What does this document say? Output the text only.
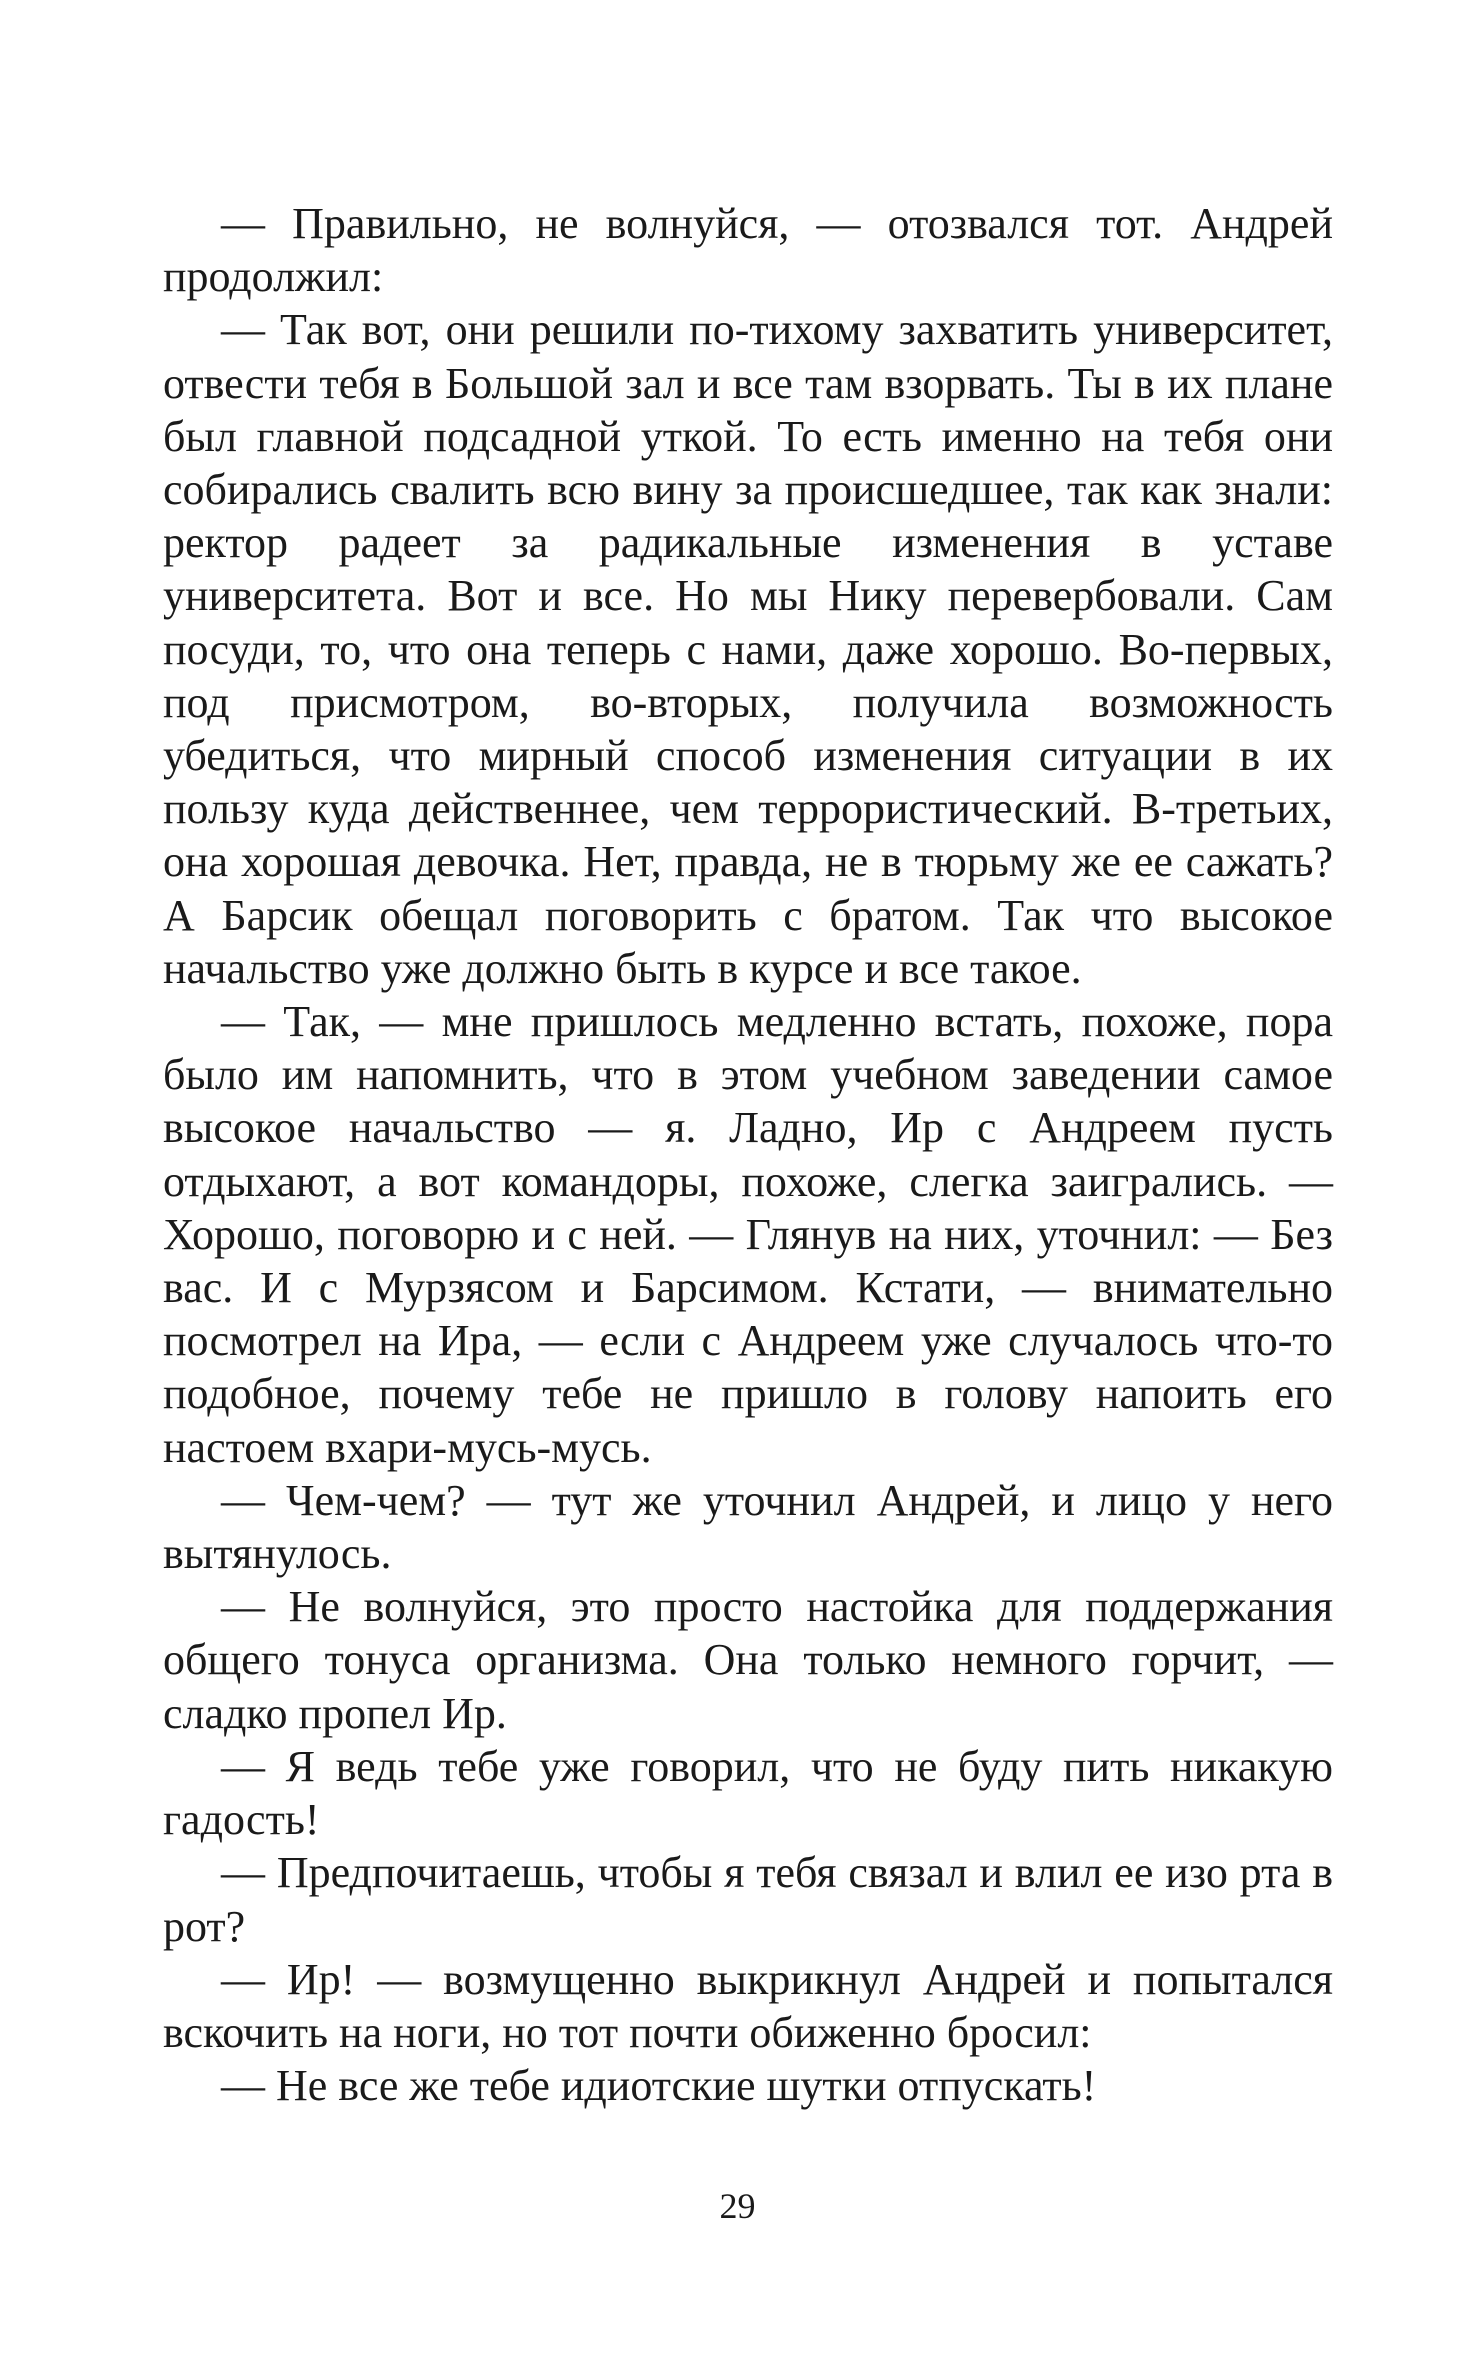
— Правильно, не волнуйся, — отозвался тот. Андрей продолжил:

— Так вот, они решили по-тихому захватить университет, отвести тебя в Большой зал и все там взорвать. Ты в их плане был главной подсадной уткой. То есть именно на тебя они собирались свалить всю вину за происшедшее, так как знали: ректор радеет за радикальные изменения в уставе университета. Вот и все. Но мы Нику перевербовали. Сам посуди, то, что она теперь с нами, даже хорошо. Во-первых, под присмотром, во-вторых, получила возможность убедиться, что мирный способ изменения ситуации в их пользу куда действеннее, чем террористический. В-третьих, она хорошая девочка. Нет, правда, не в тюрьму же ее сажать? А Барсик обещал поговорить с братом. Так что высокое начальство уже должно быть в курсе и все такое.

— Так, — мне пришлось медленно встать, похоже, пора было им напомнить, что в этом учебном заведении самое высокое начальство — я. Ладно, Ир с Андреем пусть отдыхают, а вот командоры, похоже, слегка заигрались. — Хорошо, поговорю и с ней. — Глянув на них, уточнил: — Без вас. И с Мурзясом и Барсимом. Кстати, — внимательно посмотрел на Ира, — если с Андреем уже случалось что-то подобное, почему тебе не пришло в голову напоить его настоем вхари-мусь-мусь.

— Чем-чем? — тут же уточнил Андрей, и лицо у него вытянулось.

— Не волнуйся, это просто настойка для поддержания общего тонуса организма. Она только немного горчит, — сладко пропел Ир.

— Я ведь тебе уже говорил, что не буду пить никакую гадость!

— Предпочитаешь, чтобы я тебя связал и влил ее изо рта в рот?

— Ир! — возмущенно выкрикнул Андрей и попытался вскочить на ноги, но тот почти обиженно бросил:

— Не все же тебе идиотские шутки отпускать!

29
